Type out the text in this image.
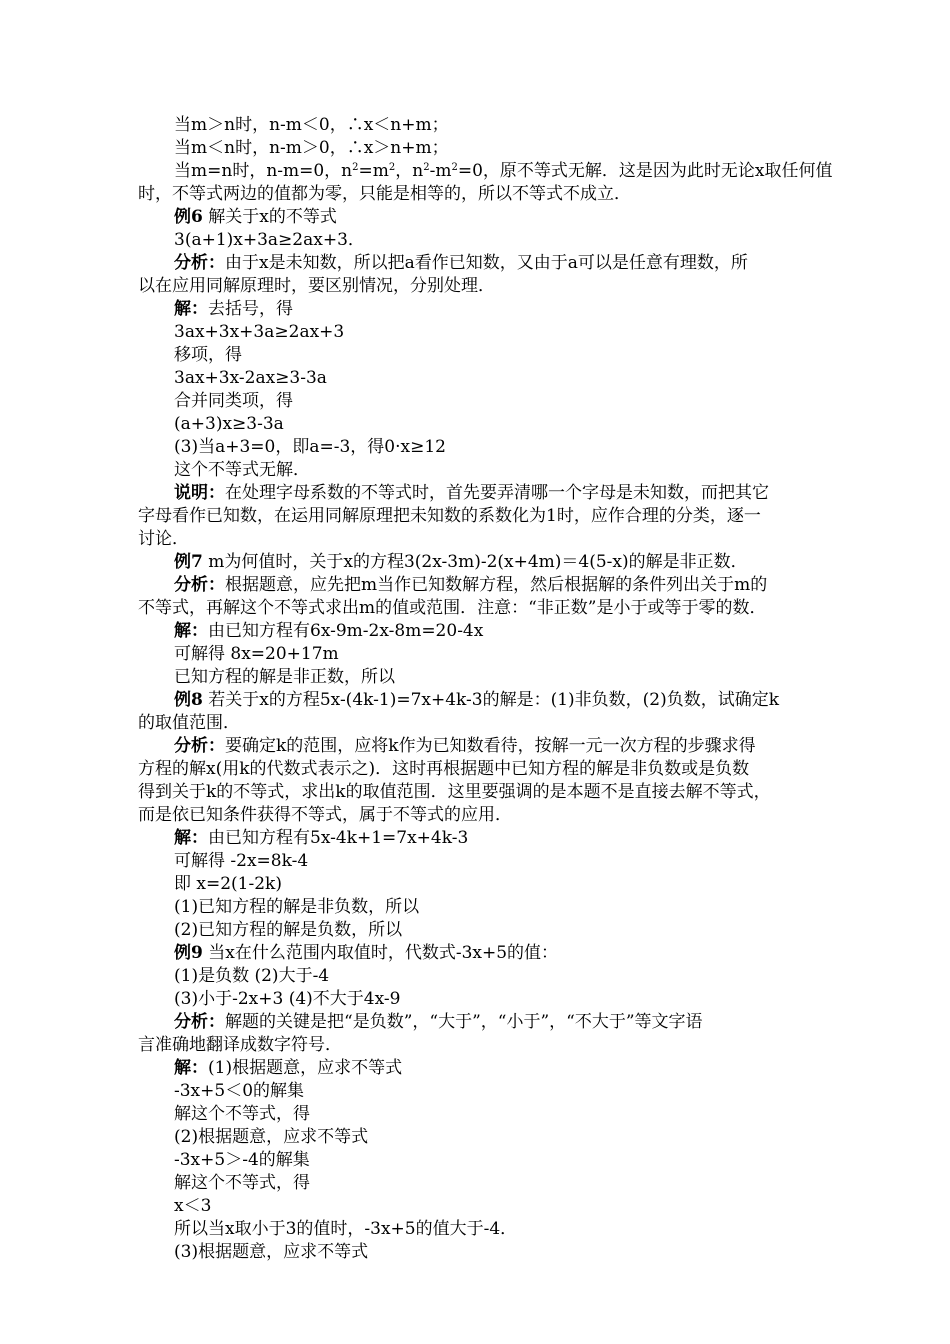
当m＞n时，n-m＜0，∴x＜n+m；
当m＜n时，n-m＞0，∴x＞n+m；
当m=n时，n-m=0，$n^2=m^2$，$n^2-m^2=0$，原不等式无解．这是因为此时无论x取任何值
时，不等式两边的值都为零，只能是相等的，所以不等式不成立．
例6 解关于x的不等式
3(a+1)x+3a≥2ax+3．
分析：由于x是未知数，所以把a看作已知数，又由于a可以是任意有理数，所
以在应用同解原理时，要区别情况，分别处理．
解：去括号，得
3ax+3x+3a≥2ax+3
移项，得
3ax+3x-2ax≥3-3a
合并同类项，得
(a+3)x≥3-3a
(3)当a+3=0，即a=-3，得0·x≥12
这个不等式无解．
说明：在处理字母系数的不等式时，首先要弄清哪一个字母是未知数，而把其它
字母看作已知数，在运用同解原理把未知数的系数化为1时，应作合理的分类，逐一
讨论．
例7 m为何值时，关于x的方程3(2x-3m)-2(x+4m)＝4(5-x)的解是非正数．
分析：根据题意，应先把m当作已知数解方程，然后根据解的条件列出关于m的
不等式，再解这个不等式求出m的值或范围．注意：“非正数”是小于或等于零的数．
解：由已知方程有6x-9m-2x-8m=20-4x
可解得 8x=20+17m
已知方程的解是非正数，所以
例8 若关于x的方程5x-(4k-1)=7x+4k-3的解是：(1)非负数，(2)负数，试确定k
的取值范围．
分析：要确定k的范围，应将k作为已知数看待，按解一元一次方程的步骤求得
方程的解x(用k的代数式表示之)．这时再根据题中已知方程的解是非负数或是负数
得到关于k的不等式，求出k的取值范围．这里要强调的是本题不是直接去解不等式，
而是依已知条件获得不等式，属于不等式的应用．
解：由已知方程有5x-4k+1=7x+4k-3
可解得 -2x=8k-4
即 x=2(1-2k)
(1)已知方程的解是非负数，所以
(2)已知方程的解是负数，所以
例9 当x在什么范围内取值时，代数式-3x+5的值：
(1)是负数 (2)大于-4
(3)小于-2x+3 (4)不大于4x-9
分析：解题的关键是把“是负数”，“大于”，“小于”，“不大于”等文字语
言准确地翻译成数字符号．
解：(1)根据题意，应求不等式
-3x+5＜0的解集
解这个不等式，得
(2)根据题意，应求不等式
-3x+5＞-4的解集
解这个不等式，得
x＜3
所以当x取小于3的值时，-3x+5的值大于-4．
(3)根据题意，应求不等式
